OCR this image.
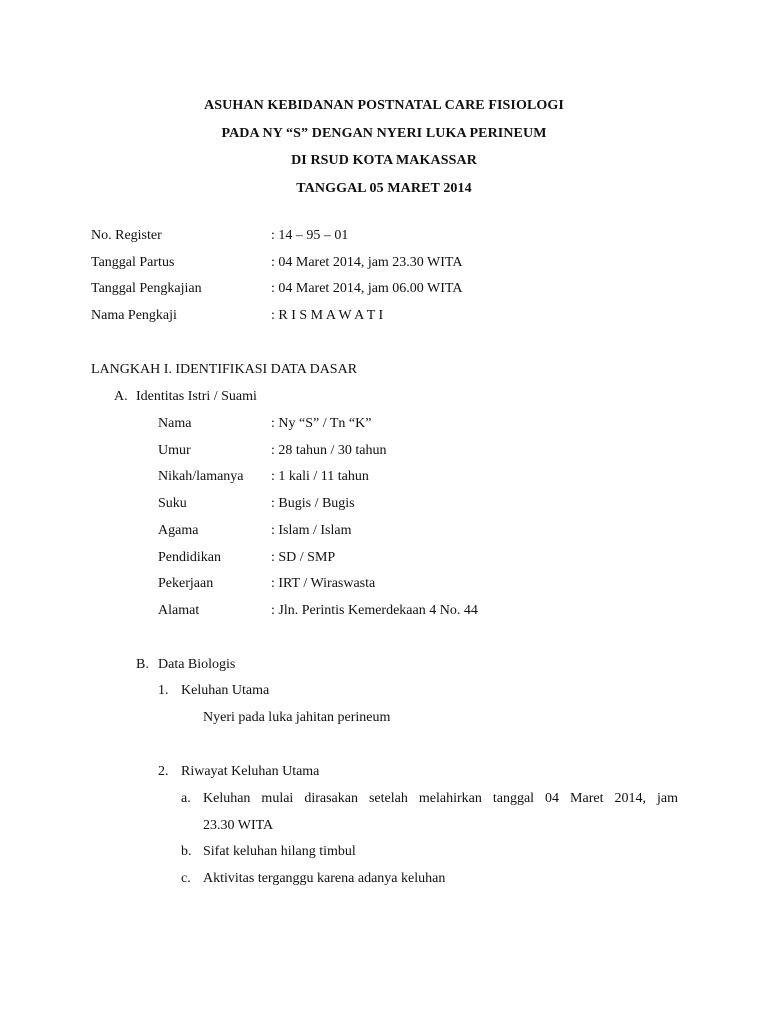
ASUHAN KEBIDANAN POSTNATAL CARE FISIOLOGI
PADA NY “S” DENGAN NYERI LUKA PERINEUM
DI RSUD KOTA MAKASSAR
TANGGAL 05 MARET 2014
No. Register	: 14 – 95 – 01
Tanggal Partus	: 04 Maret 2014, jam 23.30 WITA
Tanggal Pengkajian	: 04 Maret 2014, jam 06.00 WITA
Nama Pengkaji	: R I S M A W A T I
LANGKAH I. IDENTIFIKASI DATA DASAR
A. Identitas Istri / Suami
Nama	: Ny “S” / Tn “K”
Umur	: 28 tahun / 30 tahun
Nikah/lamanya : 1 kali / 11 tahun
Suku	: Bugis / Bugis
Agama	: Islam / Islam
Pendidikan	: SD / SMP
Pekerjaan	: IRT / Wiraswasta
Alamat	: Jln. Perintis Kemerdekaan 4 No. 44
B. Data Biologis
1. Keluhan Utama
Nyeri pada luka jahitan perineum
2. Riwayat Keluhan Utama
a. Keluhan mulai dirasakan setelah melahirkan tanggal 04 Maret 2014, jam
23.30 WITA
b. Sifat keluhan hilang timbul
c. Aktivitas terganggu karena adanya keluhan
